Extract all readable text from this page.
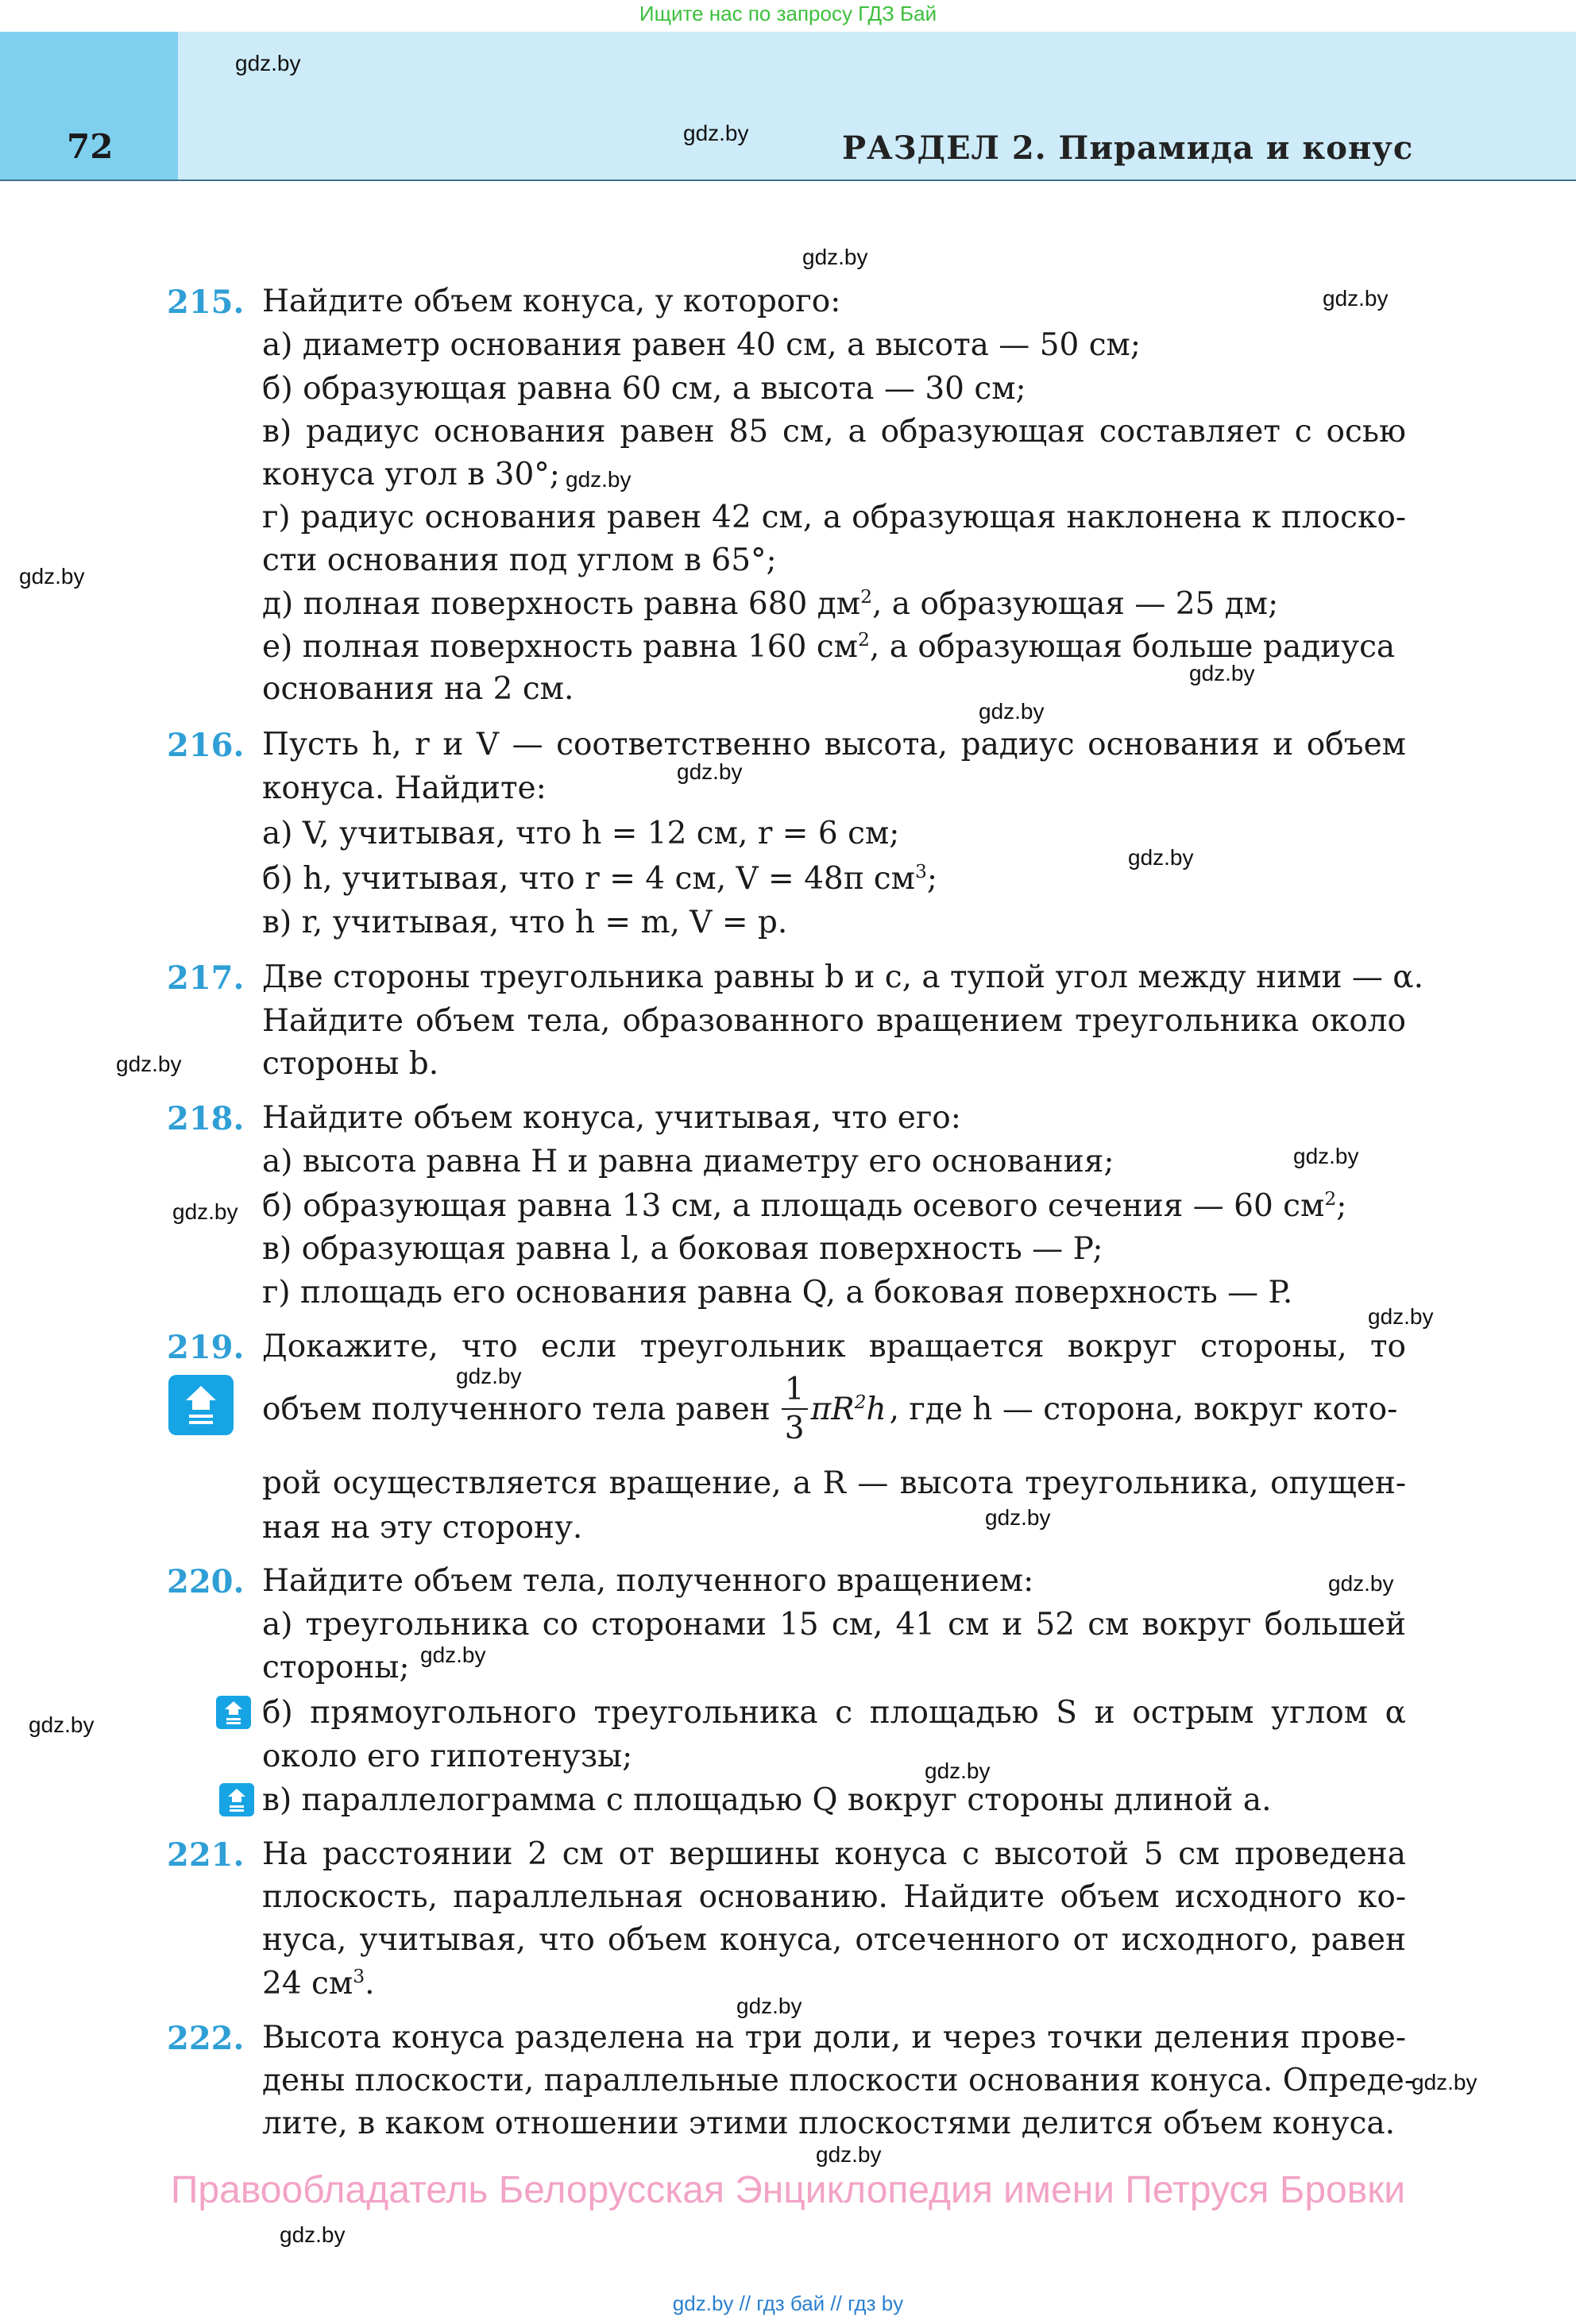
Ищите нас по запросу ГДЗ Бай
72	РАЗДЕЛ 2. Пирамида и конус
gdz.by
gdz.by
gdz.by
gdz.by
gdz.by
gdz.by
gdz.by
gdz.by
gdz.by
gdz.by
gdz.by
gdz.by
gdz.by
gdz.by
gdz.by
gdz.by
gdz.by
gdz.by
gdz.by
gdz.by
gdz.by
gdz.by
gdz.by
gdz.by
215. Найдите объем конуса, у которого:
а) диаметр основания равен 40 см, а высота — 50 см;
б) образующая равна 60 см, а высота — 30 см;
в) радиус основания равен 85 см, а образующая составляет с осью
конуса угол в 30°;
г) радиус основания равен 42 см, а образующая наклонена к плоско-
сти основания под углом в 65°;
д) полная поверхность равна 680 $дм^2$, а образующая — 25 дм;
е) полная поверхность равна 160 $см^2$, а образующая больше радиуса
основания на 2 см.
216. Пусть h, r и V — соответственно высота, радиус основания и объем
конуса. Найдите:
а) V, учитывая, что h = 12 см, r = 6 см;
б) h, учитывая, что r = 4 см, V = 48π $см^3$;
в) r, учитывая, что h = m, V = p.
217. Две стороны треугольника равны b и c, а тупой угол между ними — α.
Найдите объем тела, образованного вращением треугольника около
стороны b.
218. Найдите объем конуса, учитывая, что его:
а) высота равна H и равна диаметру его основания;
б) образующая равна 13 см, а площадь осевого сечения — 60 $см^2$;
в) образующая равна l, а боковая поверхность — P;
г) площадь его основания равна Q, а боковая поверхность — P.
219. Докажите, что если треугольник вращается вокруг стороны, то
объем полученного тела равен $\frac{1}{3} \pi R^2h$ , где h — сторона, вокруг кото-
рой осуществляется вращение, а R — высота треугольника, опущен-
ная на эту сторону.
220. Найдите объем тела, полученного вращением:
а) треугольника со сторонами 15 см, 41 см и 52 см вокруг большей
стороны;
б) прямоугольного треугольника с площадью S и острым углом α
около его гипотенузы;
в) параллелограмма с площадью Q вокруг стороны длиной a.
221. На расстоянии 2 см от вершины конуса с высотой 5 см проведена
плоскость, параллельная основанию. Найдите объем исходного ко-
нуса, учитывая, что объем конуса, отсеченного от исходного, равен
24 $см^3$.
222. Высота конуса разделена на три доли, и через точки деления прове-
дены плоскости, параллельные плоскости основания конуса. Опреде-
лите, в каком отношении этими плоскостями делится объем конуса.
Правообладатель Белорусская Энциклопедия имени Петруся Бровки
gdz.by // гдз бай // гдз by
